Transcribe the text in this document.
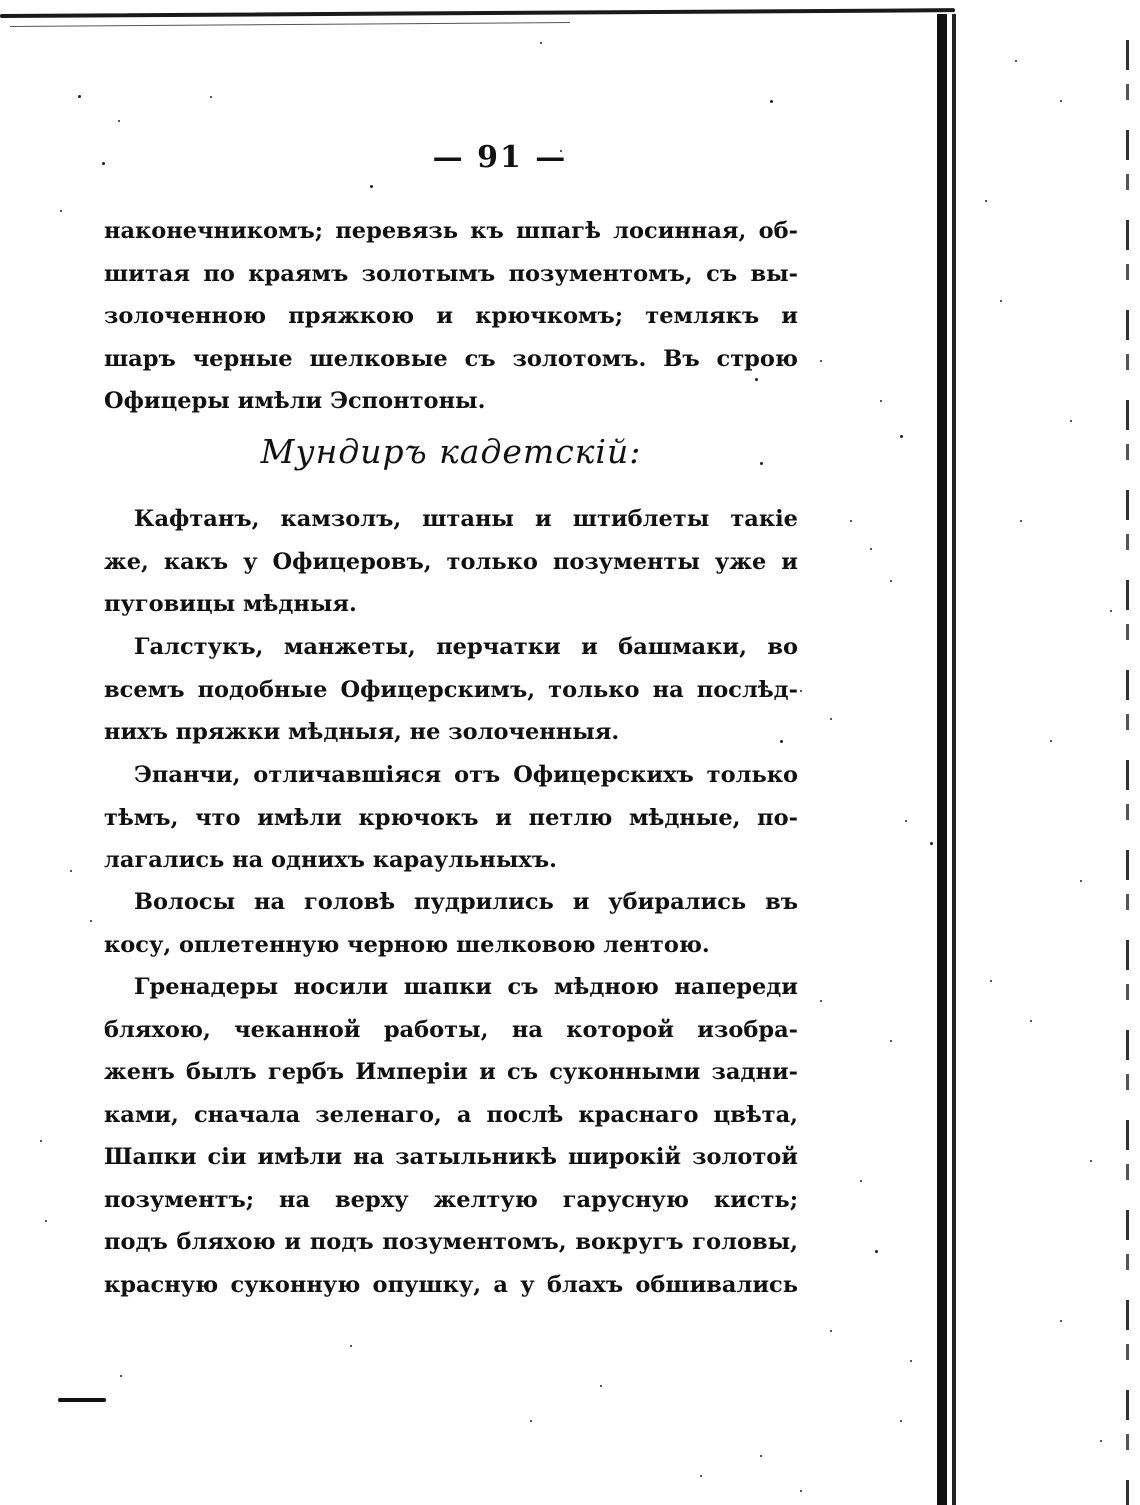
— 91 —
наконечникомъ; перевязь къ шпагѣ лосинная, об-
шитая по краямъ золотымъ позументомъ, съ вы-
золоченною пряжкою и крючкомъ; темлякъ и
шаръ черные шелковые съ золотомъ. Въ строю
Офицеры имѣли Эспонтоны.
Мундиръ кадетскій:
Кафтанъ, камзолъ, штаны и штиблеты такіе
же, какъ у Офицеровъ, только позументы уже и
пуговицы мѣдныя.
Галстукъ, манжеты, перчатки и башмаки, во
всемъ подобные Офицерскимъ, только на послѣд-
нихъ пряжки мѣдныя, не золоченныя.
Эпанчи, отличавшіяся отъ Офицерскихъ только
тѣмъ, что имѣли крючокъ и петлю мѣдные, по-
лагались на однихъ караульныхъ.
Волосы на головѣ пудрились и убирались въ
косу, оплетенную черною шелковою лентою.
Гренадеры носили шапки съ мѣдною напереди
бляхою, чеканной работы, на которой изобра-
женъ былъ гербъ Имперіи и съ суконными задни-
ками, сначала зеленаго, а послѣ краснаго цвѣта,
Шапки сіи имѣли на затыльникѣ широкій золотой
позументъ; на верху желтую гарусную кисть;
подъ бляхою и подъ позументомъ, вокругъ головы,
красную суконную опушку, а у блахъ обшивались
